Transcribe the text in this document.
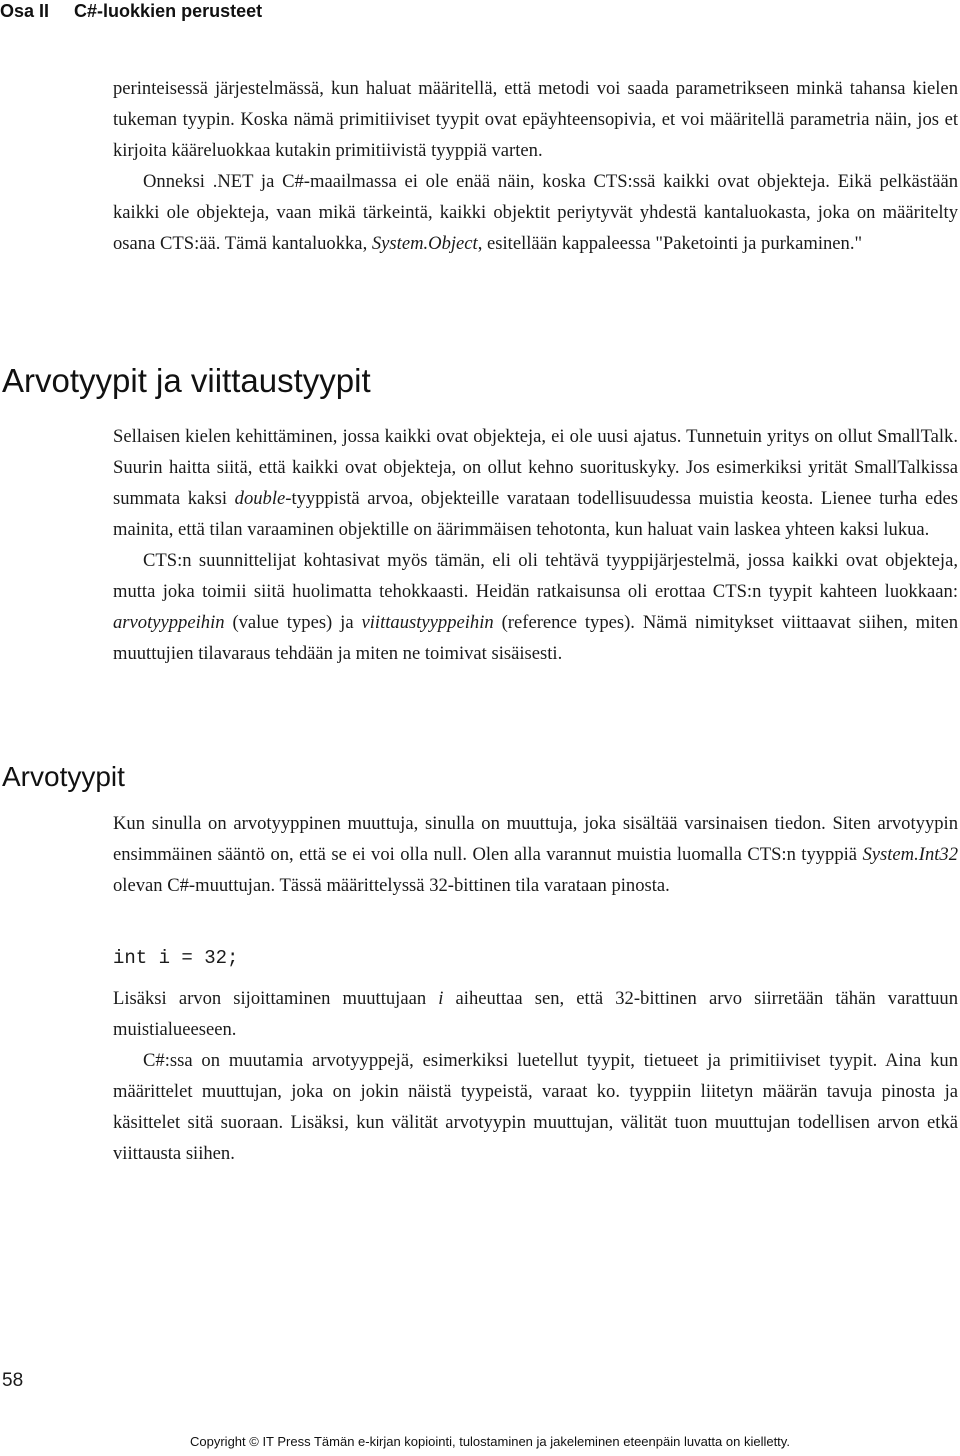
Osa II C#-luokkien perusteet

perinteisessä järjestelmässä, kun haluat määritellä, että metodi voi saada parametrikseen minkä tahansa kielen tukeman tyypin. Koska nämä primitiiviset tyypit ovat epäyhteensopivia, et voi määritellä parametria näin, jos et kirjoita kääreluokkaa kutakin primitiivistä tyyppiä varten.

Onneksi .NET ja C#-maailmassa ei ole enää näin, koska CTS:ssä kaikki ovat objekteja. Eikä pelkästään kaikki ole objekteja, vaan mikä tärkeintä, kaikki objektit periytyvät yhdestä kantaluokasta, joka on määritelty osana CTS:ää. Tämä kantaluokka, System.Object, esitellään kappaleessa "Paketointi ja purkaminen."

Arvotyypit ja viittaustyypit

Sellaisen kielen kehittäminen, jossa kaikki ovat objekteja, ei ole uusi ajatus. Tunnetuin yritys on ollut SmallTalk. Suurin haitta siitä, että kaikki ovat objekteja, on ollut kehno suorituskyky. Jos esimerkiksi yrität SmallTalkissa summata kaksi double-tyyppistä arvoa, objekteille varataan todellisuudessa muistia keosta. Lienee turha edes mainita, että tilan varaaminen objektille on äärimmäisen tehotonta, kun haluat vain laskea yhteen kaksi lukua.

CTS:n suunnittelijat kohtasivat myös tämän, eli oli tehtävä tyyppijärjestelmä, jossa kaikki ovat objekteja, mutta joka toimii siitä huolimatta tehokkaasti. Heidän ratkaisunsa oli erottaa CTS:n tyypit kahteen luokkaan: arvotyyppeihin (value types) ja viittaustyyppeihin (reference types). Nämä nimitykset viittaavat siihen, miten muuttujien tilavaraus tehdään ja miten ne toimivat sisäisesti.

Arvotyypit

Kun sinulla on arvotyyppinen muuttuja, sinulla on muuttuja, joka sisältää varsinaisen tiedon. Siten arvotyypin ensimmäinen sääntö on, että se ei voi olla null. Olen alla varannut muistia luomalla CTS:n tyyppiä System.Int32 olevan C#-muuttujan. Tässä määrittelyssä 32-bittinen tila varataan pinosta.

int i = 32;

Lisäksi arvon sijoittaminen muuttujaan i aiheuttaa sen, että 32-bittinen arvo siirretään tähän varattuun muistialueeseen.

C#:ssa on muutamia arvotyyppejä, esimerkiksi luetellut tyypit, tietueet ja primitiiviset tyypit. Aina kun määrittelet muuttujan, joka on jokin näistä tyypeistä, varaat ko. tyyppiin liitetyn määrän tavuja pinosta ja käsittelet sitä suoraan. Lisäksi, kun välität arvotyypin muuttujan, välität tuon muuttujan todellisen arvon etkä viittausta siihen.

58
Copyright © IT Press Tämän e-kirjan kopiointi, tulostaminen ja jakeleminen eteenpäin luvatta on kielletty.
